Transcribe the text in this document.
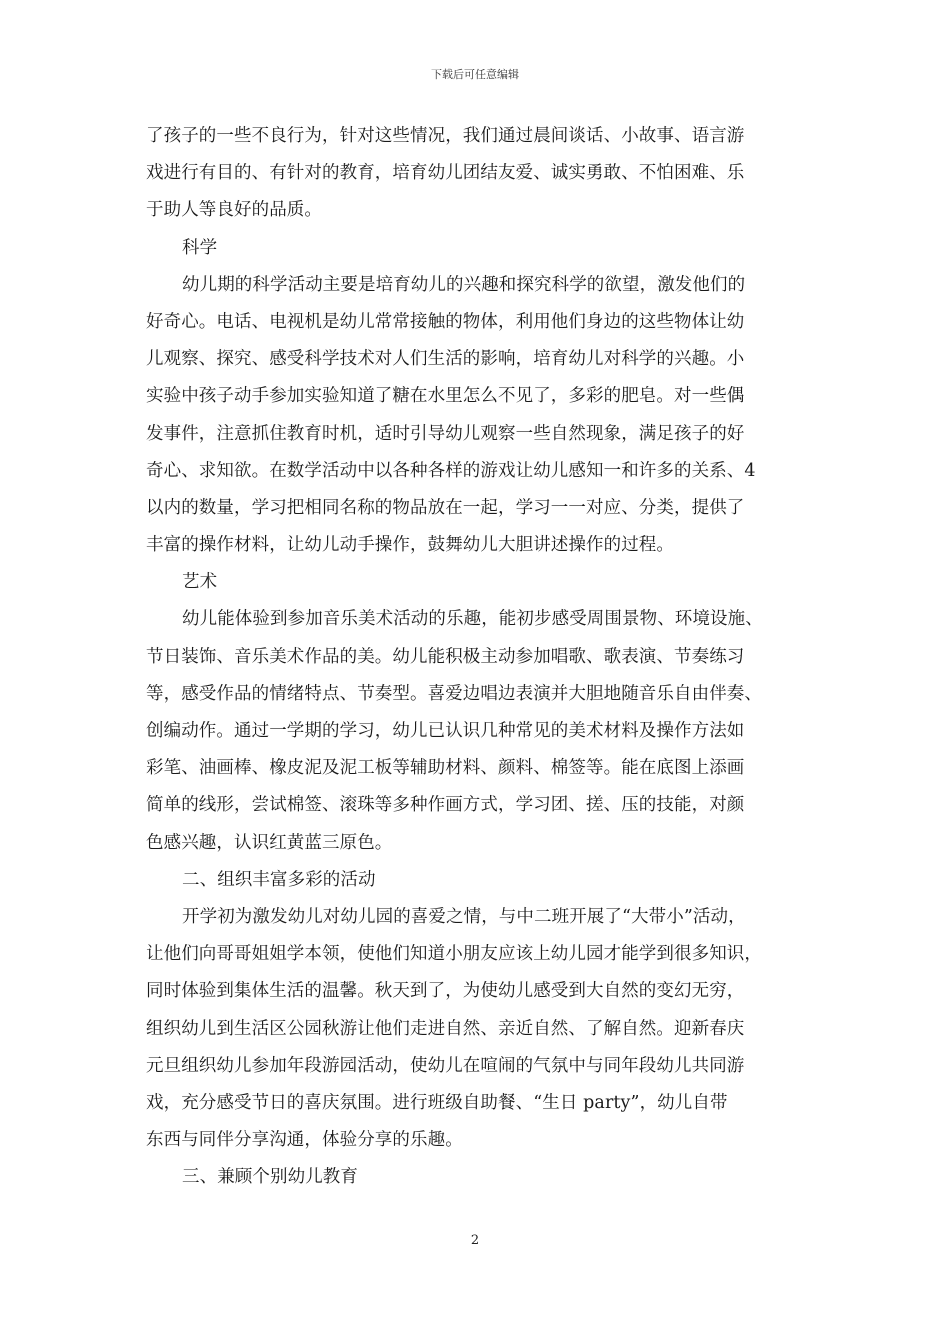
下载后可任意编辑
了孩子的一些不良行为，针对这些情况，我们通过晨间谈话、小故事、语言游
戏进行有目的、有针对的教育，培育幼儿团结友爱、诚实勇敢、不怕困难、乐
于助人等良好的品质。
科学
幼儿期的科学活动主要是培育幼儿的兴趣和探究科学的欲望，激发他们的
好奇心。电话、电视机是幼儿常常接触的物体，利用他们身边的这些物体让幼
儿观察、探究、感受科学技术对人们生活的影响，培育幼儿对科学的兴趣。小
实验中孩子动手参加实验知道了糖在水里怎么不见了，多彩的肥皂。对一些偶
发事件，注意抓住教育时机，适时引导幼儿观察一些自然现象，满足孩子的好
奇心、求知欲。在数学活动中以各种各样的游戏让幼儿感知一和许多的关系、4
以内的数量，学习把相同名称的物品放在一起，学习一一对应、分类，提供了
丰富的操作材料，让幼儿动手操作，鼓舞幼儿大胆讲述操作的过程。
艺术
幼儿能体验到参加音乐美术活动的乐趣，能初步感受周围景物、环境设施、
节日装饰、音乐美术作品的美。幼儿能积极主动参加唱歌、歌表演、节奏练习
等，感受作品的情绪特点、节奏型。喜爱边唱边表演并大胆地随音乐自由伴奏、
创编动作。通过一学期的学习，幼儿已认识几种常见的美术材料及操作方法如
彩笔、油画棒、橡皮泥及泥工板等辅助材料、颜料、棉签等。能在底图上添画
简单的线形，尝试棉签、滚珠等多种作画方式，学习团、搓、压的技能，对颜
色感兴趣，认识红黄蓝三原色。
二、组织丰富多彩的活动
开学初为激发幼儿对幼儿园的喜爱之情，与中二班开展了“大带小”活动，
让他们向哥哥姐姐学本领，使他们知道小朋友应该上幼儿园才能学到很多知识，
同时体验到集体生活的温馨。秋天到了，为使幼儿感受到大自然的变幻无穷，
组织幼儿到生活区公园秋游让他们走进自然、亲近自然、了解自然。迎新春庆
元旦组织幼儿参加年段游园活动，使幼儿在喧闹的气氛中与同年段幼儿共同游
戏，充分感受节日的喜庆氛围。进行班级自助餐、“生日 party”，幼儿自带
东西与同伴分享沟通，体验分享的乐趣。
三、兼顾个别幼儿教育
2
